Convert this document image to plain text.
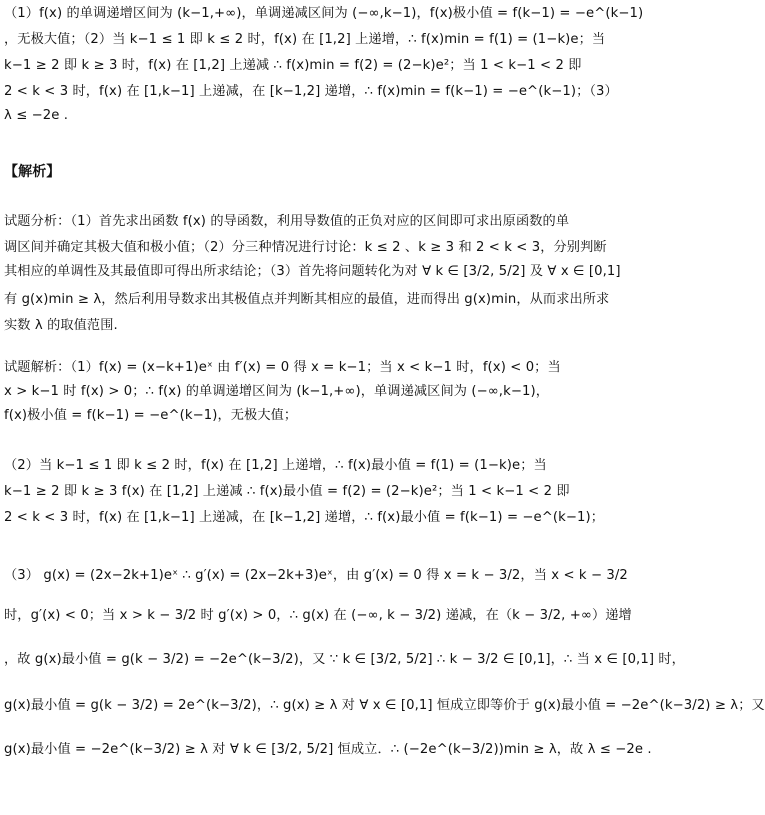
（1）f(x) 的单调递增区间为 (k−1,+∞)，单调递减区间为 (−∞,k−1)，f(x)极小值 = f(k−1) = −e^(k−1)
，无极大值；（2）当 k−1 ≤ 1 即 k ≤ 2 时，f(x) 在 [1,2] 上递增，∴ f(x)min = f(1) = (1−k)e；当
k−1 ≥ 2 即 k ≥ 3 时，f(x) 在 [1,2] 上递减 ∴ f(x)min = f(2) = (2−k)e²；当 1 < k−1 < 2 即
2 < k < 3 时，f(x) 在 [1,k−1] 上递减，在 [k−1,2] 递增，∴ f(x)min = f(k−1) = −e^(k−1)；（3）
λ ≤ −2e .
【解析】
试题分析：（1）首先求出函数 f(x) 的导函数，利用导数值的正负对应的区间即可求出原函数的单
调区间并确定其极大值和极小值；（2）分三种情况进行讨论：k ≤ 2 、k ≥ 3 和 2 < k < 3，分别判断
其相应的单调性及其最值即可得出所求结论；（3）首先将问题转化为对 ∀ k ∈ [3/2, 5/2] 及 ∀ x ∈ [0,1]
有 g(x)min ≥ λ，然后利用导数求出其极值点并判断其相应的最值，进而得出 g(x)min，从而求出所求
实数 λ 的取值范围.
试题解析：（1）f(x) = (x−k+1)eˣ 由 f′(x) = 0 得 x = k−1；当 x < k−1 时，f(x) < 0；当
x > k−1 时 f(x) > 0；∴ f(x) 的单调递增区间为 (k−1,+∞)，单调递减区间为 (−∞,k−1)，
f(x)极小值 = f(k−1) = −e^(k−1)，无极大值；
（2）当 k−1 ≤ 1 即 k ≤ 2 时，f(x) 在 [1,2] 上递增，∴ f(x)最小值 = f(1) = (1−k)e；当
k−1 ≥ 2 即 k ≥ 3 f(x) 在 [1,2] 上递减 ∴ f(x)最小值 = f(2) = (2−k)e²；当 1 < k−1 < 2 即
2 < k < 3 时，f(x) 在 [1,k−1] 上递减，在 [k−1,2] 递增，∴ f(x)最小值 = f(k−1) = −e^(k−1)；
（3） g(x) = (2x−2k+1)eˣ ∴ g′(x) = (2x−2k+3)eˣ，由 g′(x) = 0 得 x = k − 3/2，当 x < k − 3/2
时，g′(x) < 0；当 x > k − 3/2 时 g′(x) > 0，∴ g(x) 在 (−∞, k − 3/2) 递减，在（k − 3/2, +∞）递增
，故 g(x)最小值 = g(k − 3/2) = −2e^(k−3/2)，又 ∵ k ∈ [3/2, 5/2] ∴ k − 3/2 ∈ [0,1]，∴ 当 x ∈ [0,1] 时，
g(x)最小值 = g(k − 3/2) = 2e^(k−3/2)，∴ g(x) ≥ λ 对 ∀ x ∈ [0,1] 恒成立即等价于 g(x)最小值 = −2e^(k−3/2) ≥ λ；又
g(x)最小值 = −2e^(k−3/2) ≥ λ 对 ∀ k ∈ [3/2, 5/2] 恒成立．∴ (−2e^(k−3/2))min ≥ λ，故 λ ≤ −2e .
